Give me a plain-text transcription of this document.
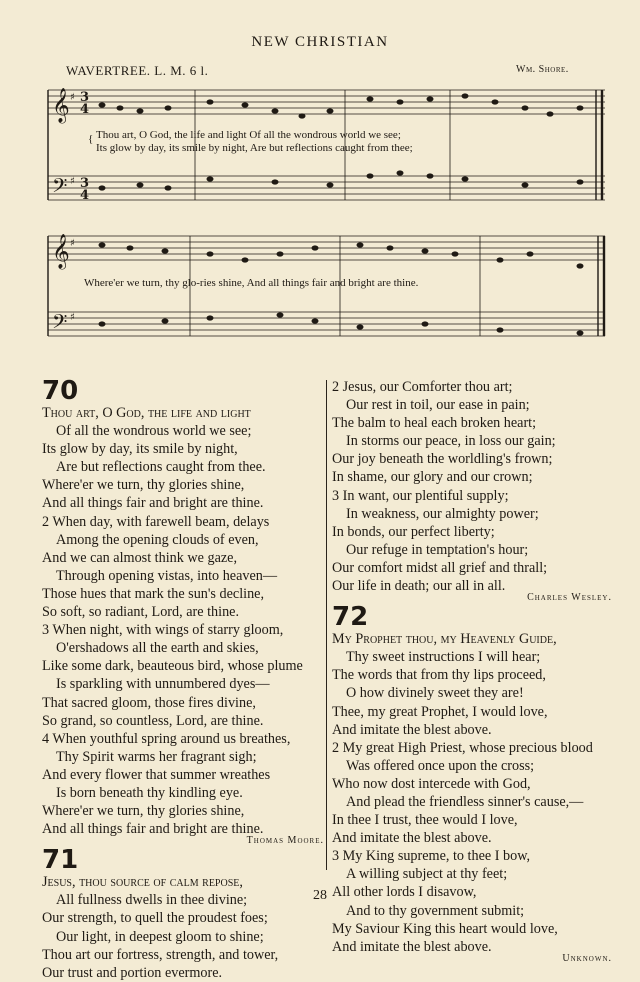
NEW CHRISTIAN
WAVERTREE. L. M. 6 l.	Wm. Shore.
𝄞 ♯ 3
4
𝄢 ♯ 3
4
𝄞 ♯
𝄢 ♯
{ Thou art, O God, the life and light Of all the wondrous world we see;
Its glow by day, its smile by night, Are but reflections caught from thee;
Where'er we turn, thy glo-ries shine, And all things fair and bright are thine.
70
Thou art, O God, the life and light
Of all the wondrous world we see;
Its glow by day, its smile by night,
Are but reflections caught from thee.
Where'er we turn, thy glories shine,
And all things fair and bright are thine.
2 When day, with farewell beam, delays
Among the opening clouds of even,
And we can almost think we gaze,
Through opening vistas, into heaven—
Those hues that mark the sun's decline,
So soft, so radiant, Lord, are thine.
3 When night, with wings of starry gloom,
O'ershadows all the earth and skies,
Like some dark, beauteous bird, whose plume
Is sparkling with unnumbered dyes—
That sacred gloom, those fires divine,
So grand, so countless, Lord, are thine.
4 When youthful spring around us breathes,
Thy Spirit warms her fragrant sigh;
And every flower that summer wreathes
Is born beneath thy kindling eye.
Where'er we turn, thy glories shine,
And all things fair and bright are thine.
Thomas Moore.
71
Jesus, thou source of calm repose,
All fullness dwells in thee divine;
Our strength, to quell the proudest foes;
Our light, in deepest gloom to shine;
Thou art our fortress, strength, and tower,
Our trust and portion evermore.
2 Jesus, our Comforter thou art;
Our rest in toil, our ease in pain;
The balm to heal each broken heart;
In storms our peace, in loss our gain;
Our joy beneath the worldling's frown;
In shame, our glory and our crown;
3 In want, our plentiful supply;
In weakness, our almighty power;
In bonds, our perfect liberty;
Our refuge in temptation's hour;
Our comfort midst all grief and thrall;
Our life in death; our all in all.
Charles Wesley.
72
My Prophet thou, my Heavenly Guide,
Thy sweet instructions I will hear;
The words that from thy lips proceed,
O how divinely sweet they are!
Thee, my great Prophet, I would love,
And imitate the blest above.
2 My great High Priest, whose precious blood
Was offered once upon the cross;
Who now dost intercede with God,
And plead the friendless sinner's cause,—
In thee I trust, thee would I love,
And imitate the blest above.
3 My King supreme, to thee I bow,
A willing subject at thy feet;
All other lords I disavow,
And to thy government submit;
My Saviour King this heart would love,
And imitate the blest above.
Unknown.
28
